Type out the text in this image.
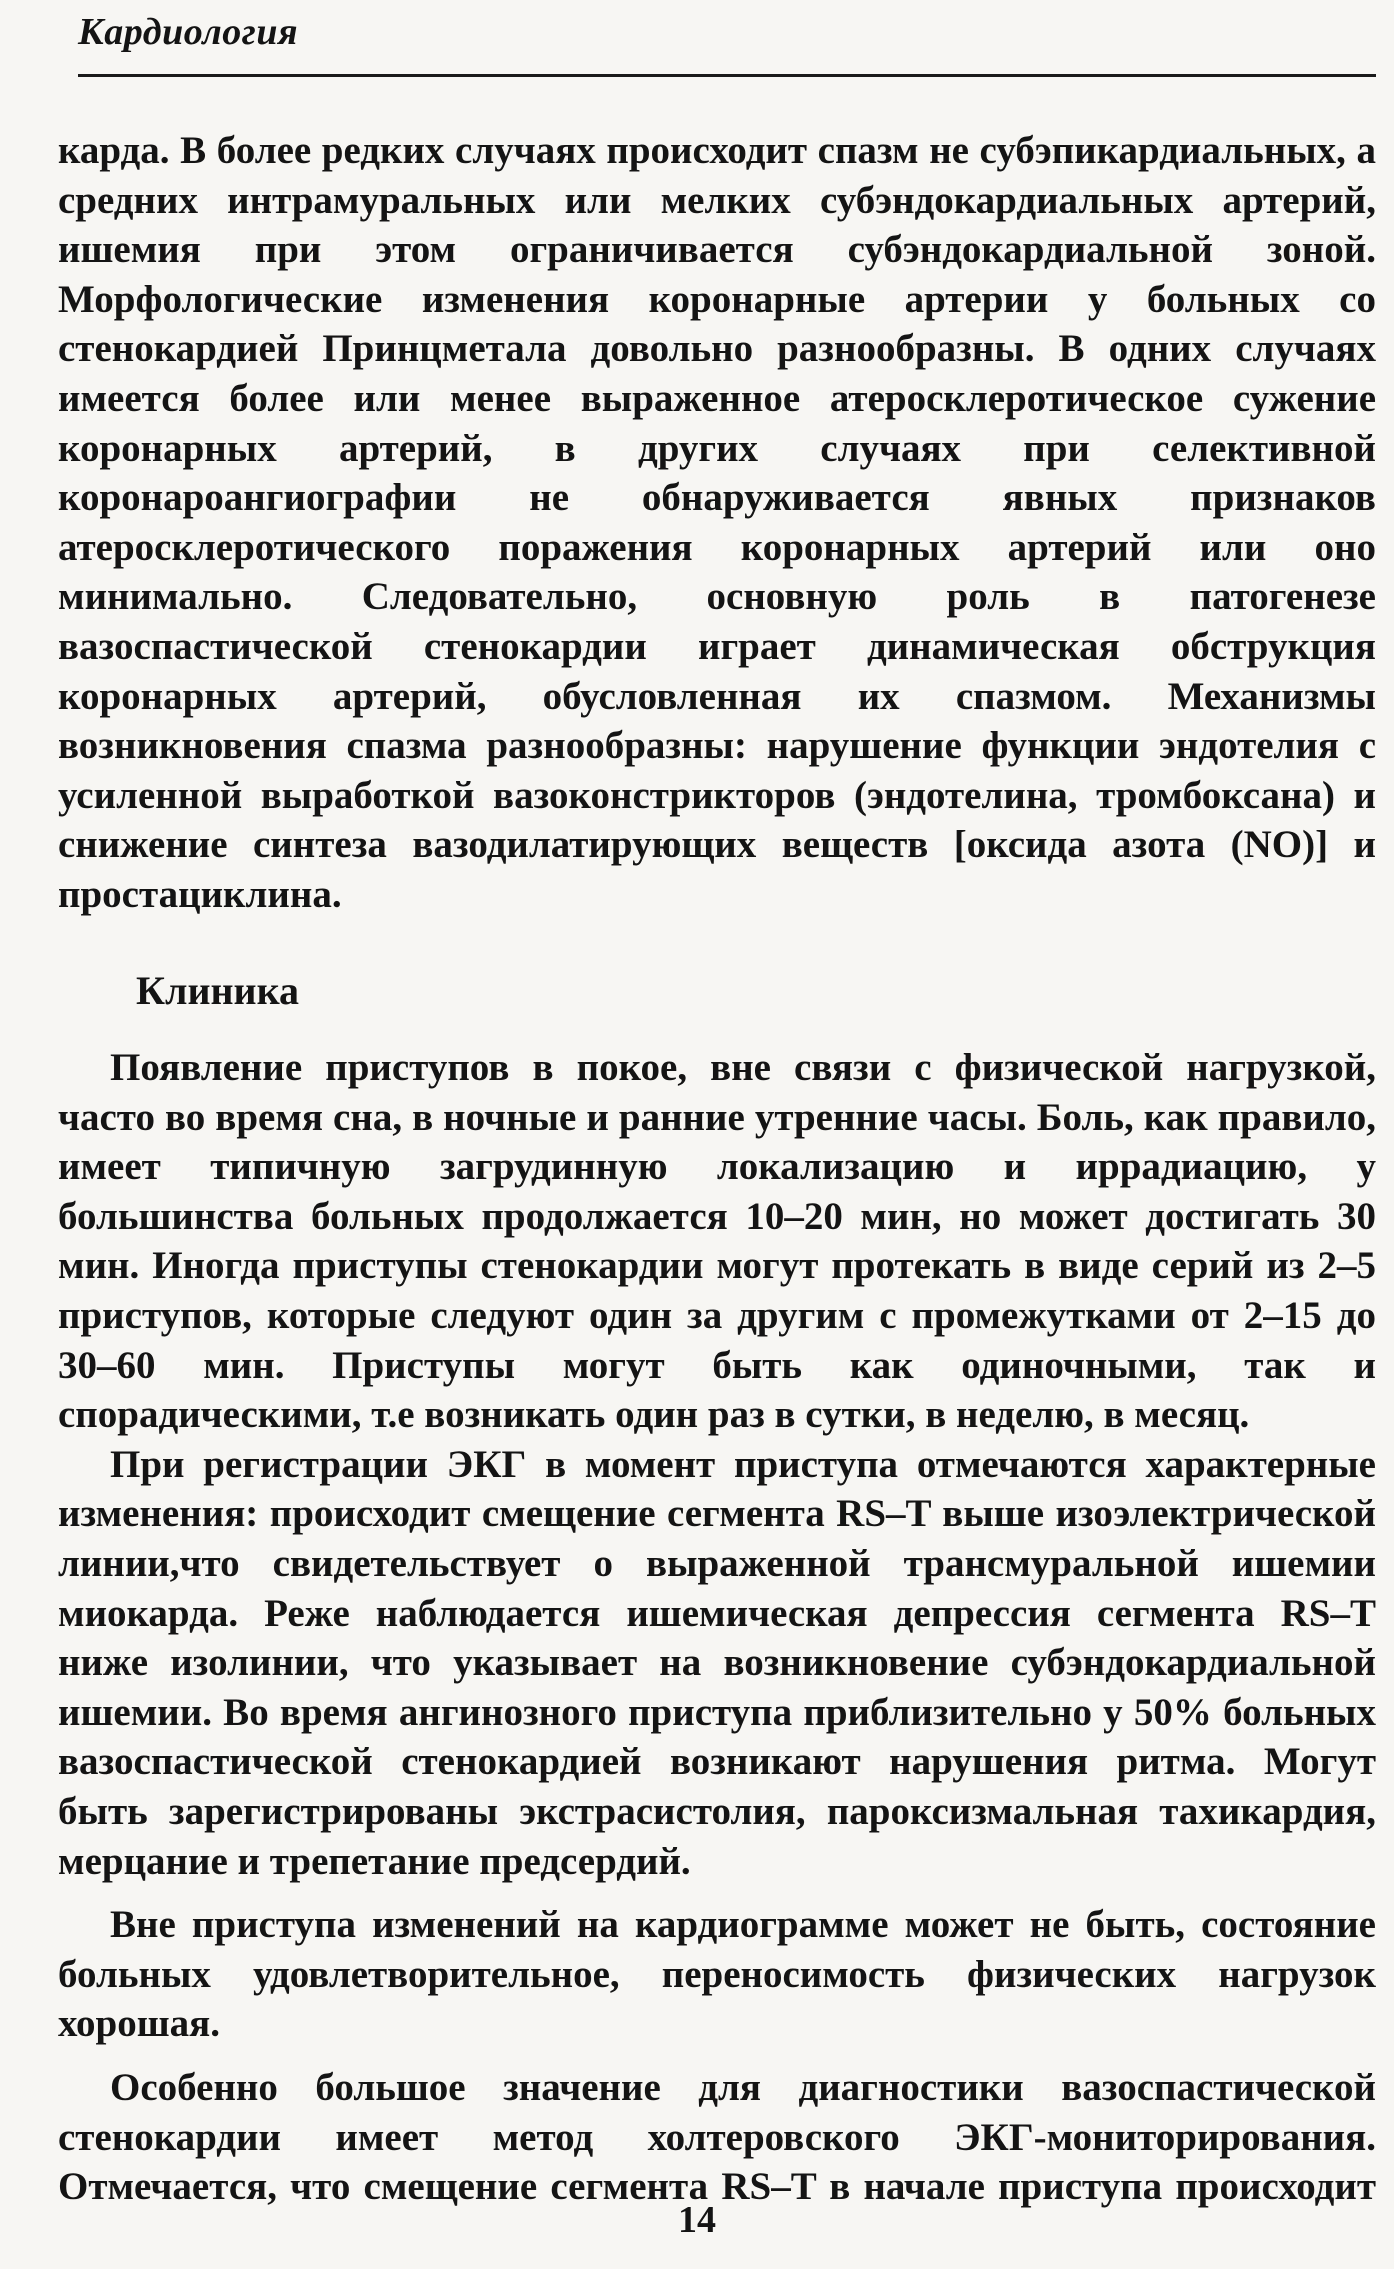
Кардиология

карда. В более редких случаях происходит спазм не субэпикардиальных, а средних интрамуральных или мелких субэндокардиальных артерий, ишемия при этом ограничивается субэндокардиальной зоной. Морфологические изменения коронарные артерии у больных со стенокардией Принцметала довольно разнообразны. В одних случаях имеется более или менее выраженное атеросклеротическое сужение коронарных артерий, в других случаях при селективной коронароангиографии не обнаруживается явных признаков атеросклеротического поражения коронарных артерий или оно минимально. Следовательно, основную роль в патогенезе вазоспастической стенокардии играет динамическая обструкция коронарных артерий, обусловленная их спазмом. Механизмы возникновения спазма разнообразны: нарушение функции эндотелия с усиленной выработкой вазоконстрикторов (эндотелина, тромбоксана) и снижение синтеза вазодилатирующих веществ [оксида азота (NO)] и простациклина.

Клиника

Появление приступов в покое, вне связи с физической нагрузкой, часто во время сна, в ночные и ранние утренние часы. Боль, как правило, имеет типичную загрудинную локализацию и иррадиацию, у большинства больных продолжается 10–20 мин, но может достигать 30 мин. Иногда приступы стенокардии могут протекать в виде серий из 2–5 приступов, которые следуют один за другим с промежутками от 2–15 до 30–60 мин. Приступы могут быть как одиночными, так и спорадическими, т.е возникать один раз в сутки, в неделю, в месяц.

При регистрации ЭКГ в момент приступа отмечаются характерные изменения: происходит смещение сегмента RS–T выше изоэлектрической линии,что свидетельствует о выраженной трансмуральной ишемии миокарда. Реже наблюдается ишемическая депрессия сегмента RS–T ниже изолинии, что указывает на возникновение субэндокардиальной ишемии. Во время ангинозного приступа приблизительно у 50% больных вазоспастической стенокардией возникают нарушения ритма. Могут быть зарегистрированы экстрасистолия, пароксизмальная тахикардия, мерцание и трепетание предсердий.

Вне приступа изменений на кардиограмме может не быть, состояние больных удовлетворительное, переносимость физических нагрузок хорошая.

Особенно большое значение для диагностики вазоспастической стенокардии имеет метод холтеровского ЭКГ-мониторирования. Отмечается, что смещение сегмента RS–T в начале приступа происходит

14
